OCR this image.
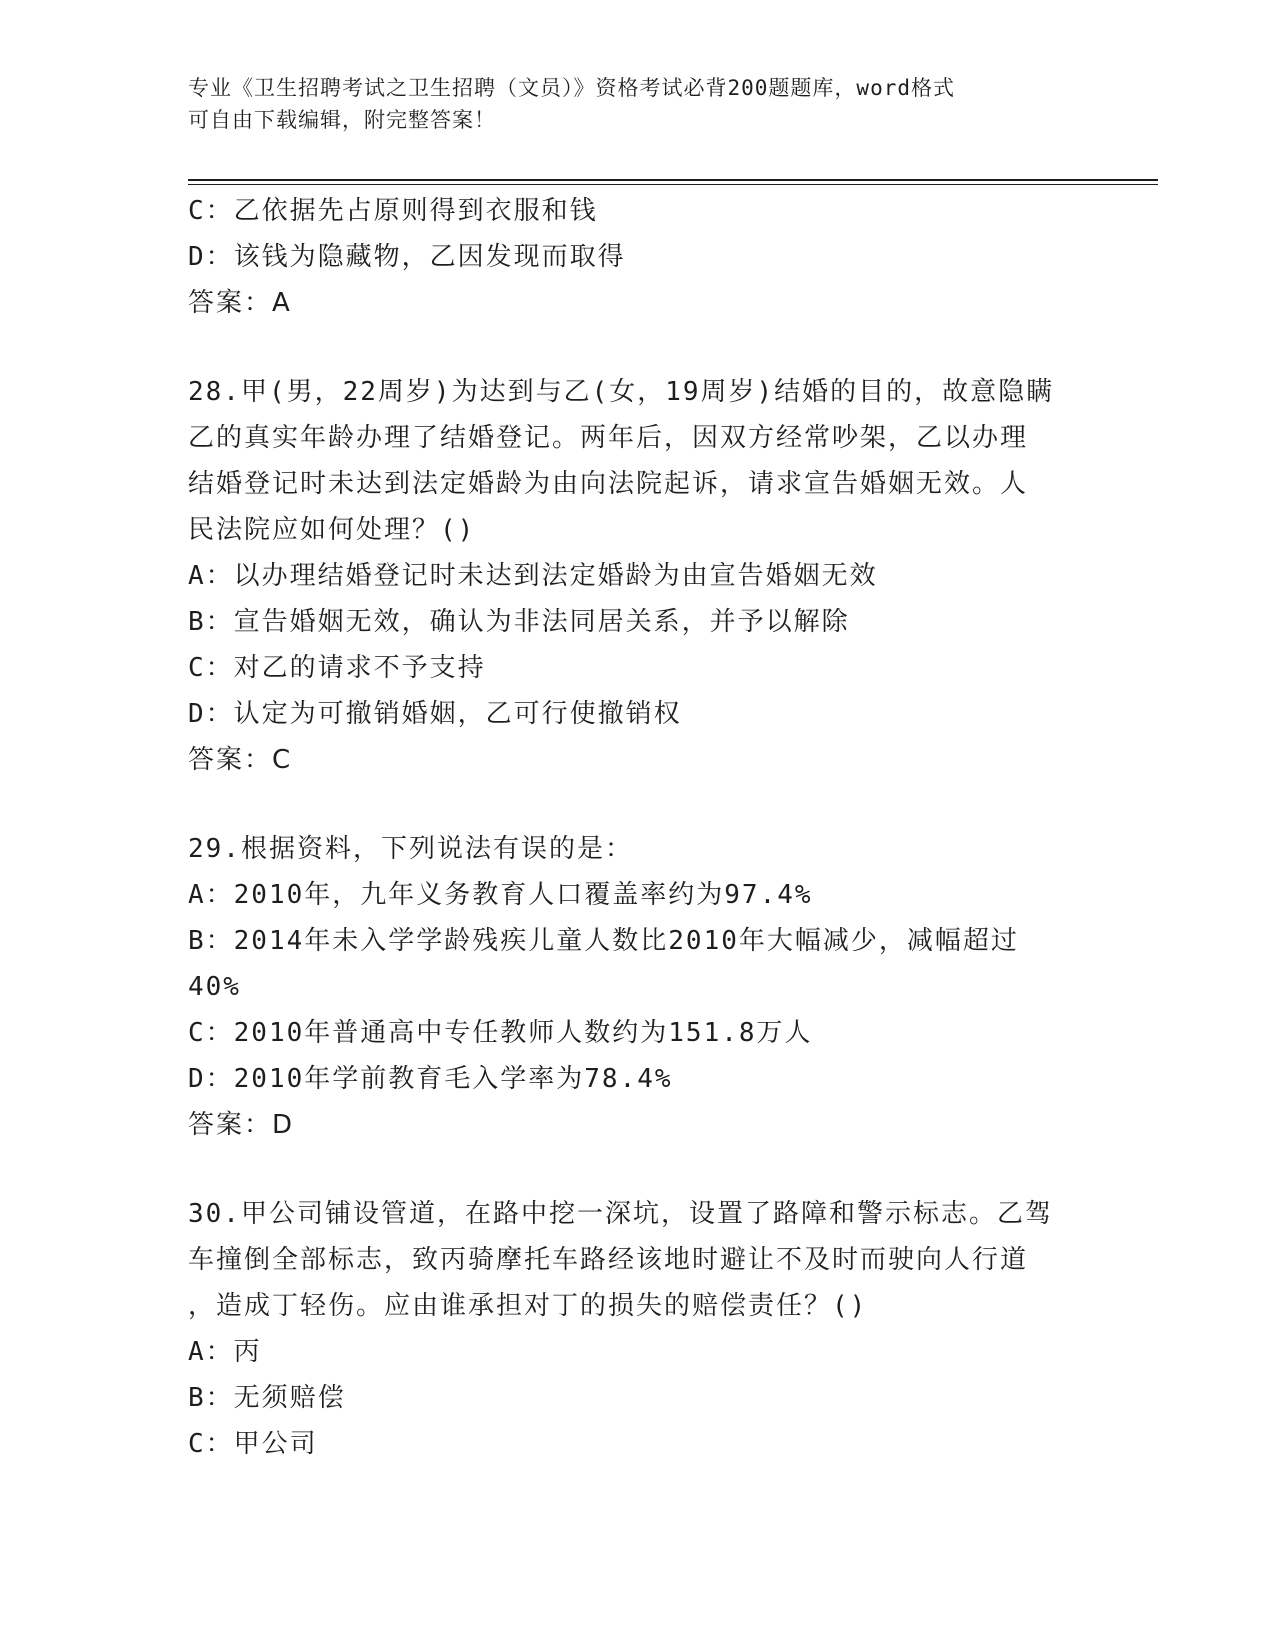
专业《卫生招聘考试之卫生招聘（文员）》资格考试必背200题题库，word格式
可自由下载编辑，附完整答案！
C：乙依据先占原则得到衣服和钱
D：该钱为隐藏物，乙因发现而取得
答案：A
28.甲(男，22周岁)为达到与乙(女，19周岁)结婚的目的，故意隐瞒
乙的真实年龄办理了结婚登记。两年后，因双方经常吵架，乙以办理
结婚登记时未达到法定婚龄为由向法院起诉，请求宣告婚姻无效。人
民法院应如何处理？()
A：以办理结婚登记时未达到法定婚龄为由宣告婚姻无效
B：宣告婚姻无效，确认为非法同居关系，并予以解除
C：对乙的请求不予支持
D：认定为可撤销婚姻，乙可行使撤销权
答案：C
29.根据资料，下列说法有误的是：
A：2010年，九年义务教育人口覆盖率约为97.4%
B：2014年未入学学龄残疾儿童人数比2010年大幅减少，减幅超过
40%
C：2010年普通高中专任教师人数约为151.8万人
D：2010年学前教育毛入学率为78.4%
答案：D
30.甲公司铺设管道，在路中挖一深坑，设置了路障和警示标志。乙驾
车撞倒全部标志，致丙骑摩托车路经该地时避让不及时而驶向人行道
，造成丁轻伤。应由谁承担对丁的损失的赔偿责任？()
A：丙
B：无须赔偿
C：甲公司
